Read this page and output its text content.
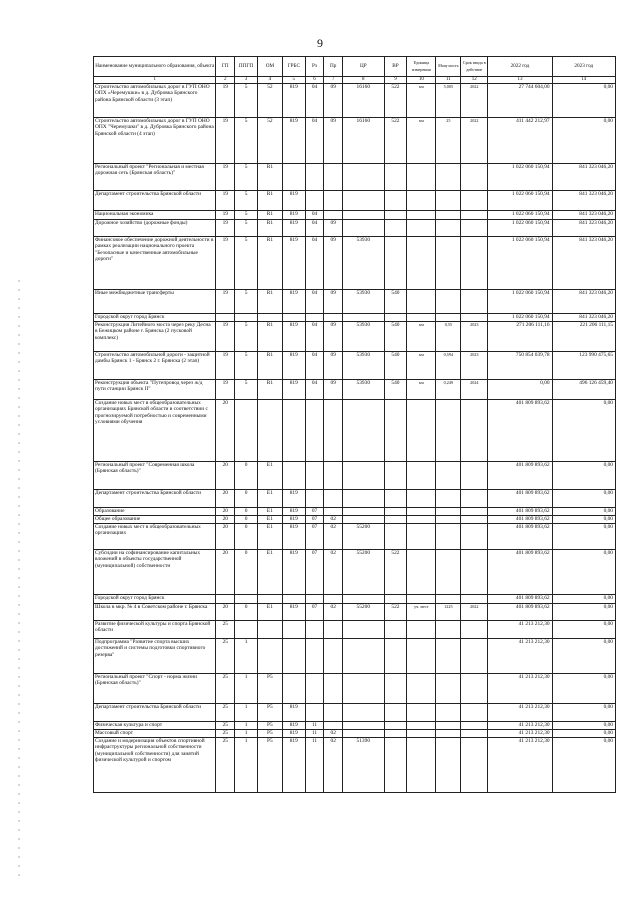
9
Наименование муниципального образования, объекта	ГП	ППГП	ОМ	ГРБС	Рз	Пр	ЦР	ВР	Единица измерения	Мощ-ность	Срок ввода в действие	2022 год	2023 год
1	2	3	4	5	6	7	8	9	10	11	12	13	14
Строительство автомобильных дорог в ГУП ОНО ОПХ «Черемушки» в д. Дубровка Брянского района Брянской области (3 этап)	19	5	52	819	04	09	16160	522	км	5,005	2022	27 744 604,00	0,00
Строительство автомобильных дорог в ГУП ОНО ОПХ "Черемушки" в д. Дубровка Брянского района Брянской области (4 этап)	19	5	52	819	04	09	16160	522	км	25	2022	411 442 212,97	0,00
Региональный проект "Региональная и местная дорожная сеть (Брянская область)"	19	5	R1									1 022 060 150,94	841 323 046,20
Департамент строительства Брянской области	19	5	R1	819								1 022 060 150,94	841 323 046,20
Национальная экономика	19	5	R1	819	04							1 022 060 150,94	841 323 046,20
Дорожное хозяйство (дорожные фонды)	19	5	R1	819	04	09						1 022 060 150,94	841 323 046,20
Финансовое обеспечение дорожной деятельности в рамках реализации национального проекта "Безопасные и качественные автомобильные дороги"	19	5	R1	819	04	09	53930					1 022 060 150,94	841 323 046,20
Иные межбюджетные трансферты	19	5	R1	819	04	09	53930	540				1 022 060 150,94	841 323 046,20
Городской округ город Брянск												1 022 060 150,94	841 323 046,20
Реконструкция Литейного моста через реку Десна в Бежицком районе г. Брянска (2 пусковой комплекс)	19	5	R1	819	04	09	53930	540	км	0,55	2023	271 206 111,16	221 206 111,15
Строительство автомобильной дороги - защитной дамбы Брянск 1 - Брянск 2 г. Брянска (2 этап)	19	5	R1	819	04	09	53930	540	км	0,594	2023	750 854 039,78	123 990 475,65
Реконструкция объекта "Путепровод через ж/д пути станции Брянск II"	19	5	R1	819	04	09	53930	540	км	0,249	2024	0,00	496 126 459,40
Создание новых мест в общеобразовательных организациях Брянской области в соответствии с прогнозируемой потребностью и современными условиями обучения	20											401 809 893,62	0,00
Региональный проект "Современная школа (Брянская область)"	20	0	E1									401 809 893,62	0,00
Департамент строительства Брянской области	20	0	E1	819								401 809 893,62	0,00
Образование	20	0	E1	819	07							401 809 893,62	0,00
Общее образование	20	0	E1	819	07	02						401 809 893,62	0,00
Создание новых мест в общеобразовательных организациях	20	0	E1	819	07	02	55200					401 809 893,62	0,00
Субсидии на софинансирование капитальных вложений в объекты государственной (муниципальной) собственности	20	0	E1	819	07	02	55200	522				401 809 893,62	0,00
Городской округ город Брянск												401 809 893,62	0,00
Школа в мкр. № 4 в Советском районе г. Брянска	20	0	E1	819	07	02	55200	522	уч. мест	1225	2022	401 809 893,62	0,00
Развитие физической культуры и спорта Брянской области	25											41 213 212,30	0,00
Подпрограмма "Развитие спорта высших достижений и системы подготовки спортивного резерва"	25	1										41 213 212,30	0,00
Региональный проект "Спорт - норма жизни (Брянская область)"	25	1	P5									41 213 212,30	0,00
Департамент строительства Брянской области	25	1	P5	819								41 213 212,30	0,00
Физическая культура и спорт	25	1	P5	819	11							41 213 212,30	0,00
Массовый спорт	25	1	P5	819	11	02						41 213 212,30	0,00
Создание и модернизация объектов спортивной инфраструктуры региональной собственности (муниципальной собственности) для занятий физической культурой и спортом	25	1	P5	819	11	02	51390					41 213 212,30	0,00
